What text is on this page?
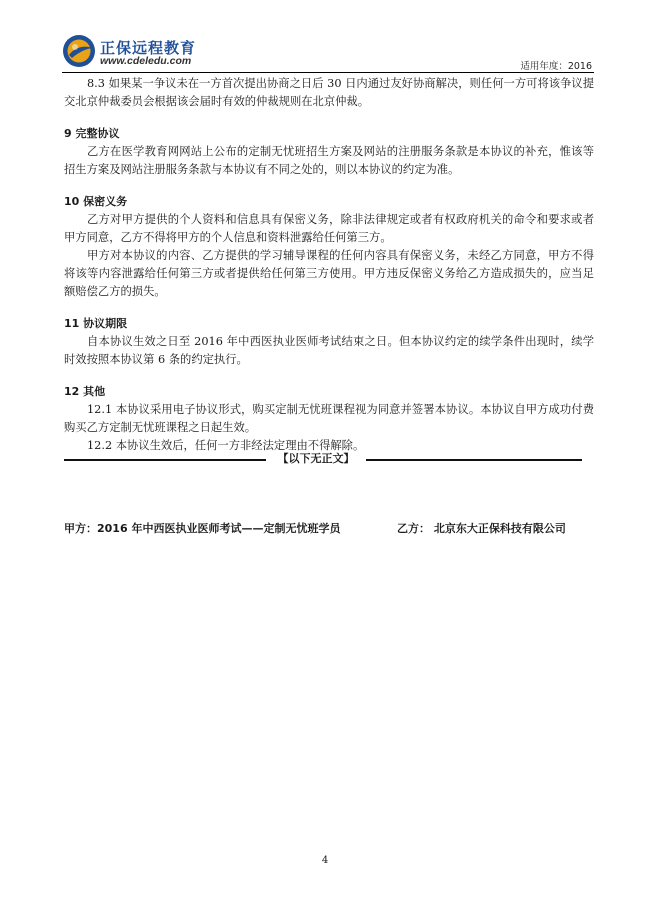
正保远程教育
www.cdeledu.com	适用年度：2016

8.3 如果某一争议未在一方首次提出协商之日后 30 日内通过友好协商解决，则任何一方可将该争议提交北京仲裁委员会根据该会届时有效的仲裁规则在北京仲裁。

9 完整协议

乙方在医学教育网网站上公布的定制无忧班招生方案及网站的注册服务条款是本协议的补充，惟该等招生方案及网站注册服务条款与本协议有不同之处的，则以本协议的约定为准。

10 保密义务

乙方对甲方提供的个人资料和信息具有保密义务，除非法律规定或者有权政府机关的命令和要求或者甲方同意，乙方不得将甲方的个人信息和资料泄露给任何第三方。

甲方对本协议的内容、乙方提供的学习辅导课程的任何内容具有保密义务，未经乙方同意，甲方不得将该等内容泄露给任何第三方或者提供给任何第三方使用。甲方违反保密义务给乙方造成损失的，应当足额赔偿乙方的损失。

11 协议期限

自本协议生效之日至 2016 年中西医执业医师考试结束之日。但本协议约定的续学条件出现时，续学时效按照本协议第 6 条的约定执行。

12 其他

12.1 本协议采用电子协议形式，购买定制无忧班课程视为同意并签署本协议。本协议自甲方成功付费购买乙方定制无忧班课程之日起生效。

12.2 本协议生效后，任何一方非经法定理由不得解除。

【以下无正文】
甲方：2016 年中西医执业医师考试——定制无忧班学员	乙方： 北京东大正保科技有限公司
4
